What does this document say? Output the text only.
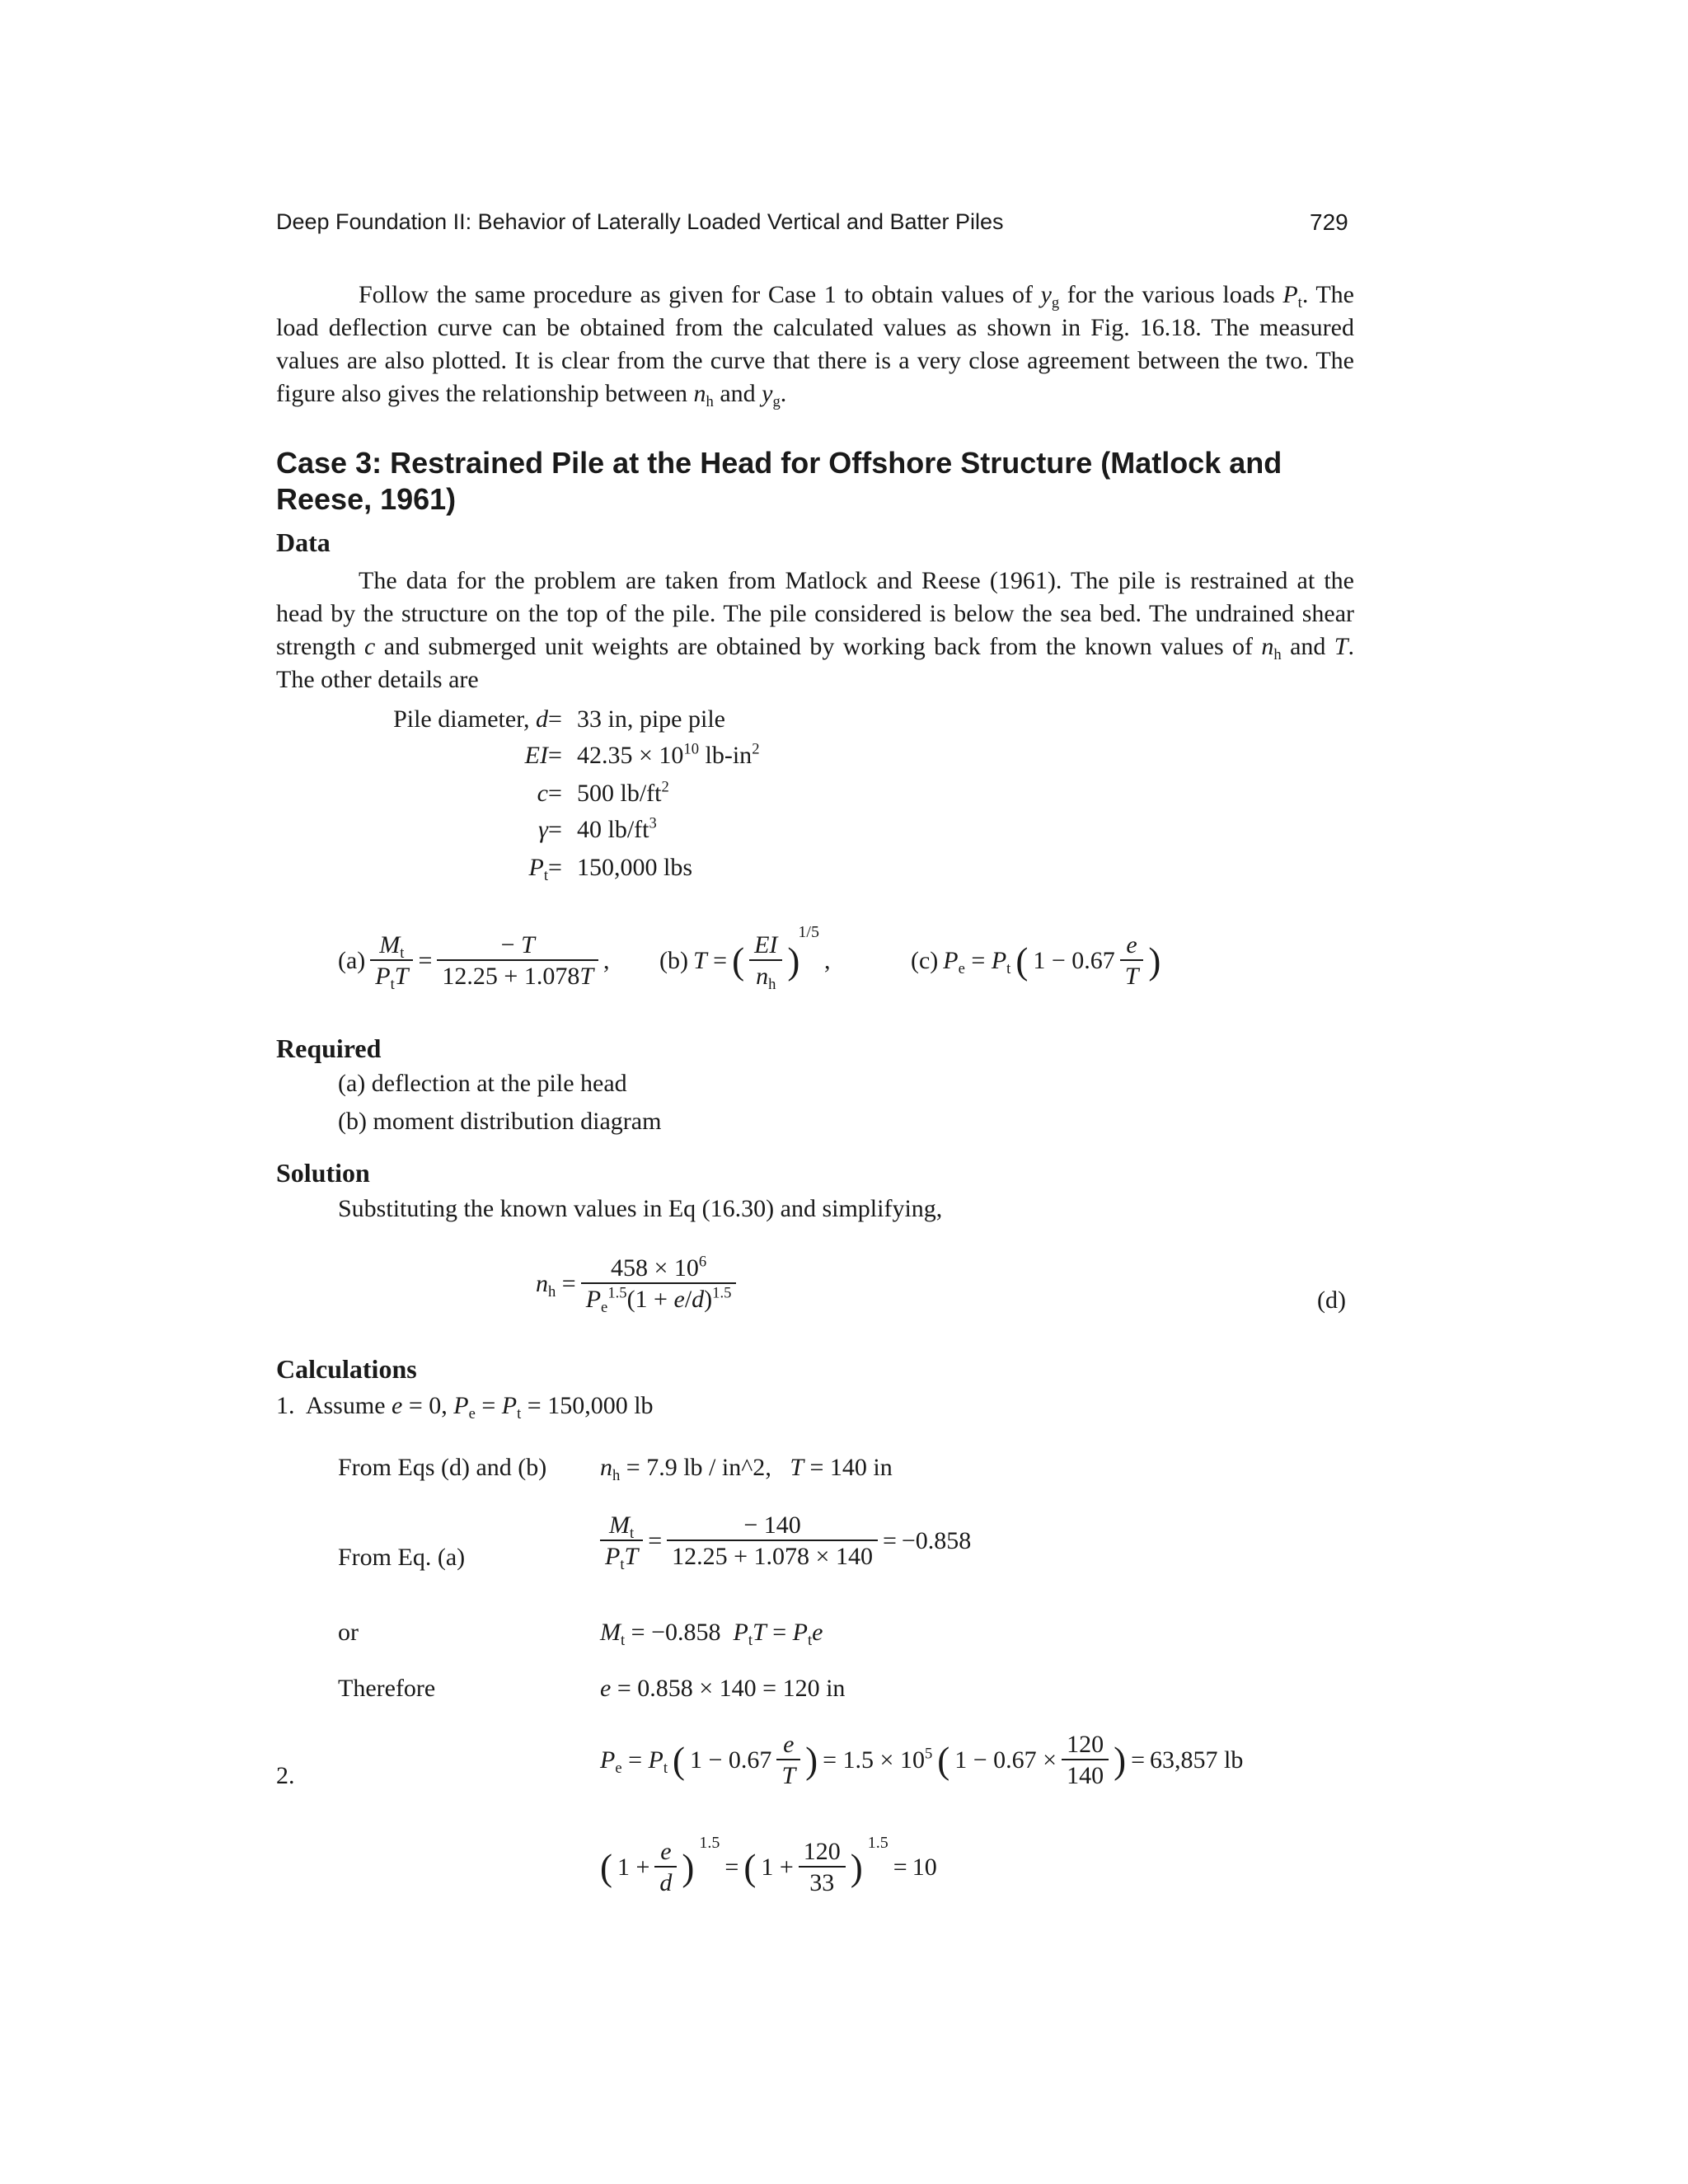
Deep Foundation II: Behavior of Laterally Loaded Vertical and Batter Piles	729

Follow the same procedure as given for Case 1 to obtain values of $y_g$ for the various loads $P_t$. The load deflection curve can be obtained from the calculated values as shown in Fig. 16.18. The measured values are also plotted. It is clear from the curve that there is a very close agreement between the two. The figure also gives the relationship between $n_h$ and $y_g$.

Case 3: Restrained Pile at the Head for Offshore Structure (Matlock and Reese, 1961)
Data

The data for the problem are taken from Matlock and Reese (1961). The pile is restrained at the head by the structure on the top of the pile. The pile considered is below the sea bed. The undrained shear strength c and submerged unit weights are obtained by working back from the known values of $n_h$ and T. The other details are

Pile diameter, d = 33 in, pipe pile
EI = $42.35 \times 10^{10}$ $lb-in^2$
c = 500 $lb/ft^2$
γ = 40 $lb/ft^3$
$P_t = 150,000$ lbs
$(a) \frac{M_t}{P_tT} = \frac{- T}{12.25 + 1.078T}$ , (b) T = ( $\frac{EI}{n_h}$ )
1/5
,	(c) $P_e = P_t$ ( $1 - 0.67 \frac{e}{T}$ )
Required
(a) deflection at the pile head
(b) moment distribution diagram
Solution
Substituting the known values in Eq (16.30) and simplifying,
$n_h = \frac{458 \times 10^6}{P_e^{1.5}(1 + e/d)^{1.5}}$	(d)
Calculations
1.  Assume e = 0, $P_e = P_t = 150,000$ lb
From Eqs (d) and (b) $n_h = 7.9$ lb / in^2,   T = 140 in
From Eq. (a)	$\frac{M_t}{P_tT} = \frac{- 140}{12.25 + 1.078 \times 140} = -0.858$
or	$M_t = -0.858$  $P_tT = P_te$
Therefore	e = 0.858 × 140 = 120 in
2.
$P_e = P_t$ ( $1 - 0.67 \frac{e}{T}$ ) = $1.5 \times 10^5$ ( $1 - 0.67 \times \frac{120}{140}$ ) = 63,857 lb
( $1 + \frac{e}{d}$ )
1.5
= ( $1 + \frac{120}{33}$ )
1.5
= 10
